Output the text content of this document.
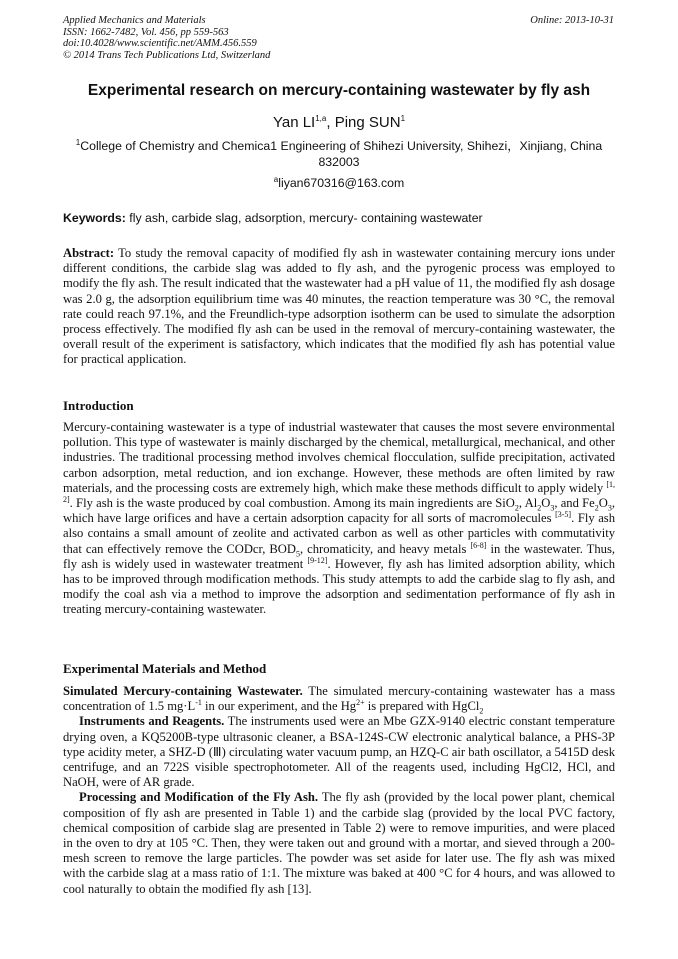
Applied Mechanics and Materials
ISSN: 1662-7482, Vol. 456, pp 559-563
doi:10.4028/www.scientific.net/AMM.456.559
© 2014 Trans Tech Publications Ltd, Switzerland
Online: 2013-10-31
Experimental research on mercury-containing wastewater by fly ash
Yan LI$^{1,a}$, Ping SUN$^1$
$^1$College of Chemistry and Chemica1 Engineering of Shihezi University, Shihezi，Xinjiang, China 832003
$^a$liyan670316@163.com
Keywords: fly ash, carbide slag, adsorption, mercury- containing wastewater
Abstract: To study the removal capacity of modified fly ash in wastewater containing mercury ions under different conditions, the carbide slag was added to fly ash, and the pyrogenic process was employed to modify the fly ash. The result indicated that the wastewater had a pH value of 11, the modified fly ash dosage was 2.0 g, the adsorption equilibrium time was 40 minutes, the reaction temperature was 30 °C, the removal rate could reach 97.1%, and the Freundlich-type adsorption isotherm can be used to simulate the adsorption process effectively. The modified fly ash can be used in the removal of mercury-containing wastewater, the overall result of the experiment is satisfactory, which indicates that the modified fly ash has potential value for practical application.
Introduction
Mercury-containing wastewater is a type of industrial wastewater that causes the most severe environmental pollution. This type of wastewater is mainly discharged by the chemical, metallurgical, mechanical, and other industries. The traditional processing method involves chemical flocculation, sulfide precipitation, activated carbon adsorption, metal reduction, and ion exchange. However, these methods are often limited by raw materials, and the processing costs are extremely high, which make these methods difficult to apply widely [1, 2]. Fly ash is the waste produced by coal combustion. Among its main ingredients are SiO$_2$, $Al_2O_3$, and $Fe_2O_3$, which have large orifices and have a certain adsorption capacity for all sorts of macromolecules [3-5]. Fly ash also contains a small amount of zeolite and activated carbon as well as other particles with commutativity that can effectively remove the CODcr, $BOD_5$, chromaticity, and heavy metals [6-8] in the wastewater. Thus, fly ash is widely used in wastewater treatment [9-12]. However, fly ash has limited adsorption ability, which has to be improved through modification methods. This study attempts to add the carbide slag to fly ash, and modify the coal ash via a method to improve the adsorption and sedimentation performance of fly ash in treating mercury-containing wastewater.
Experimental Materials and Method

Simulated Mercury-containing Wastewater. The simulated mercury-containing wastewater has a mass concentration of 1.5 $mg\cdot L^{-1}$ in our experiment, and the $Hg^{2+}$ is prepared with HgCl$_2$

Instruments and Reagents. The instruments used were an Mbe GZX-9140 electric constant temperature drying oven, a KQ5200B-type ultrasonic cleaner, a BSA-124S-CW electronic analytical balance, a PHS-3P type acidity meter, a SHZ-D (Ⅲ) circulating water vacuum pump, an HZQ-C air bath oscillator, a 5415D desk centrifuge, and an 722S visible spectrophotometer. All of the reagents used, including HgCl2, HCl, and NaOH, were of AR grade.

Processing and Modification of the Fly Ash. The fly ash (provided by the local power plant, chemical composition of fly ash are presented in Table 1) and the carbide slag (provided by the local PVC factory, chemical composition of carbide slag are presented in Table 2) were to remove impurities, and were placed in the oven to dry at 105 °C. Then, they were taken out and ground with a mortar, and sieved through a 200-mesh screen to remove the large particles. The powder was set aside for later use. The fly ash was mixed with the carbide slag at a mass ratio of 1:1. The mixture was baked at 400 °C for 4 hours, and was allowed to cool naturally to obtain the modified fly ash [13].
